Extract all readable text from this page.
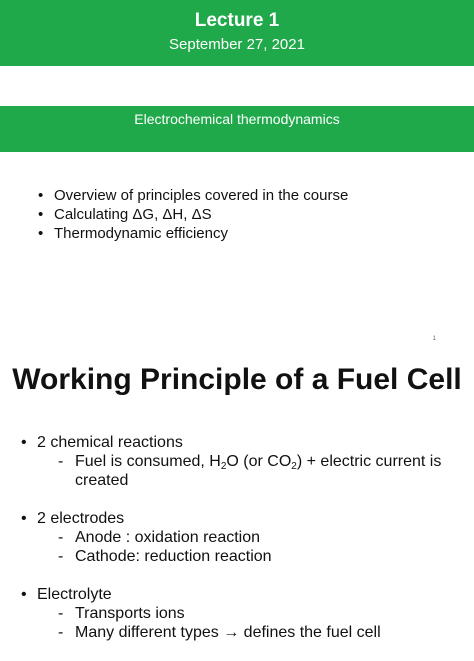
Lecture 1
September 27, 2021
Electrochemical thermodynamics
• Overview of principles covered in the course
• Calculating ΔG, ΔH, ΔS
• Thermodynamic efficiency
1
Working Principle of a Fuel Cell
• 2 chemical reactions
- Fuel is consumed, $H_2O$ (or $CO_2$) + electric current is created
• 2 electrodes
- Anode : oxidation reaction
- Cathode: reduction reaction
• Electrolyte
- Transports ions
- Many different types → defines the fuel cell
